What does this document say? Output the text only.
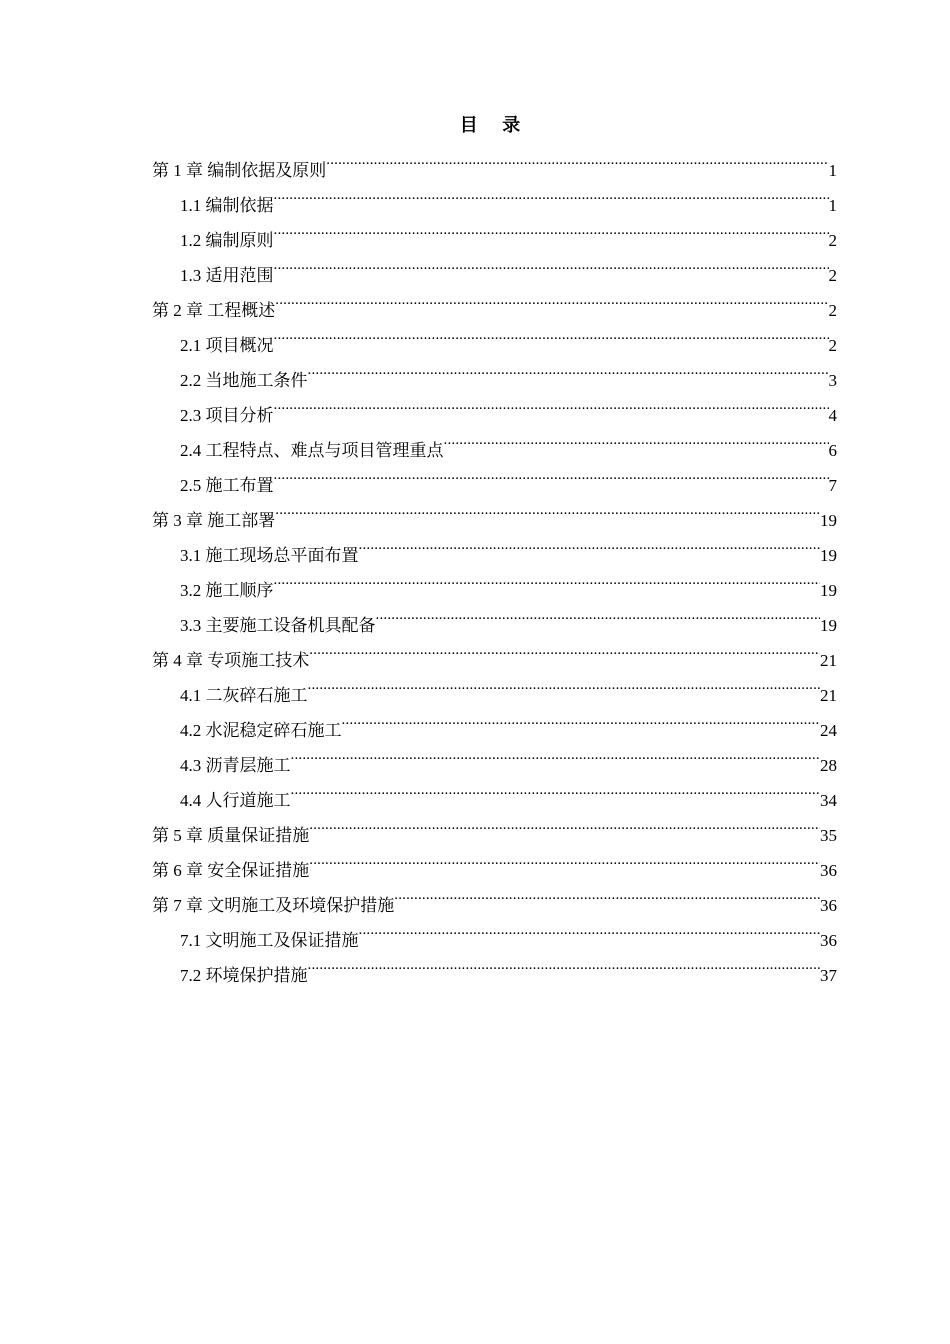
目 录
第 1 章 编制依据及原则 .....	1
1.1 编制依据 .....	1
1.2 编制原则 .....	2
1.3 适用范围 .....	2
第 2 章 工程概述 .....	2
2.1 项目概况 .....	2
2.2 当地施工条件 .....	3
2.3 项目分析 .....	4
2.4 工程特点、难点与项目管理重点 .....	6
2.5 施工布置 .....	7
第 3 章 施工部署 .....	19
3.1 施工现场总平面布置 .....	19
3.2 施工顺序 .....	19
3.3 主要施工设备机具配备 .....	19
第 4 章 专项施工技术 .....	21
4.1 二灰碎石施工 .....	21
4.2 水泥稳定碎石施工 .....	24
4.3 沥青层施工 .....	28
4.4 人行道施工 .....	34
第 5 章 质量保证措施 .....	35
第 6 章 安全保证措施 .....	36
第 7 章 文明施工及环境保护措施 .....	36
7.1 文明施工及保证措施 .....	36
7.2 环境保护措施 .....	37
